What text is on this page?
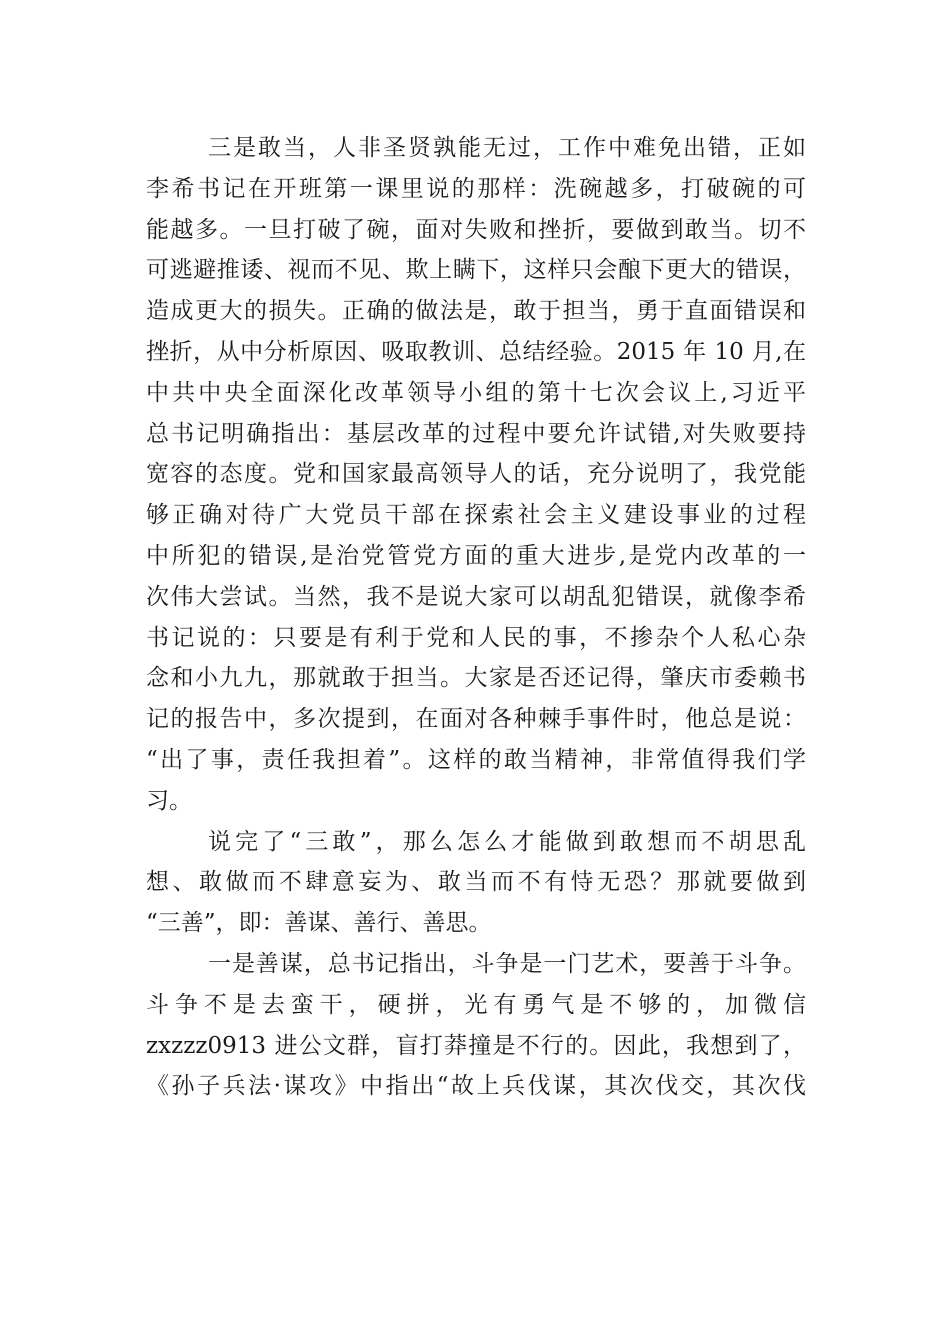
三是敢当，人非圣贤孰能无过，工作中难免出错，正如
李希书记在开班第一课里说的那样：洗碗越多，打破碗的可
能越多。一旦打破了碗，面对失败和挫折，要做到敢当。切不
可逃避推诿、视而不见、欺上瞒下，这样只会酿下更大的错误，
造成更大的损失。正确的做法是，敢于担当，勇于直面错误和
挫折，从中分析原因、吸取教训、总结经验。2015 年 10 月,在
中共中央全面深化改革领导小组的第十七次会议上,习近平
总书记明确指出：基层改革的过程中要允许试错,对失败要持
宽容的态度。党和国家最高领导人的话，充分说明了，我党能
够正确对待广大党员干部在探索社会主义建设事业的过程
中所犯的错误,是治党管党方面的重大进步,是党内改革的一
次伟大尝试。当然，我不是说大家可以胡乱犯错误，就像李希
书记说的：只要是有利于党和人民的事，不掺杂个人私心杂
念和小九九，那就敢于担当。大家是否还记得，肇庆市委赖书
记的报告中，多次提到，在面对各种棘手事件时，他总是说：
“出了事，责任我担着”。这样的敢当精神，非常值得我们学
习。
说完了“三敢”，那么怎么才能做到敢想而不胡思乱
想、敢做而不肆意妄为、敢当而不有恃无恐？那就要做到
“三善”，即：善谋、善行、善思。
一是善谋，总书记指出，斗争是一门艺术，要善于斗争。
斗争不是去蛮干，硬拼，光有勇气是不够的，加微信
zxzzz0913 进公文群，盲打莽撞是不行的。因此，我想到了，
《孙子兵法·谋攻》中指出“故上兵伐谋，其次伐交，其次伐
